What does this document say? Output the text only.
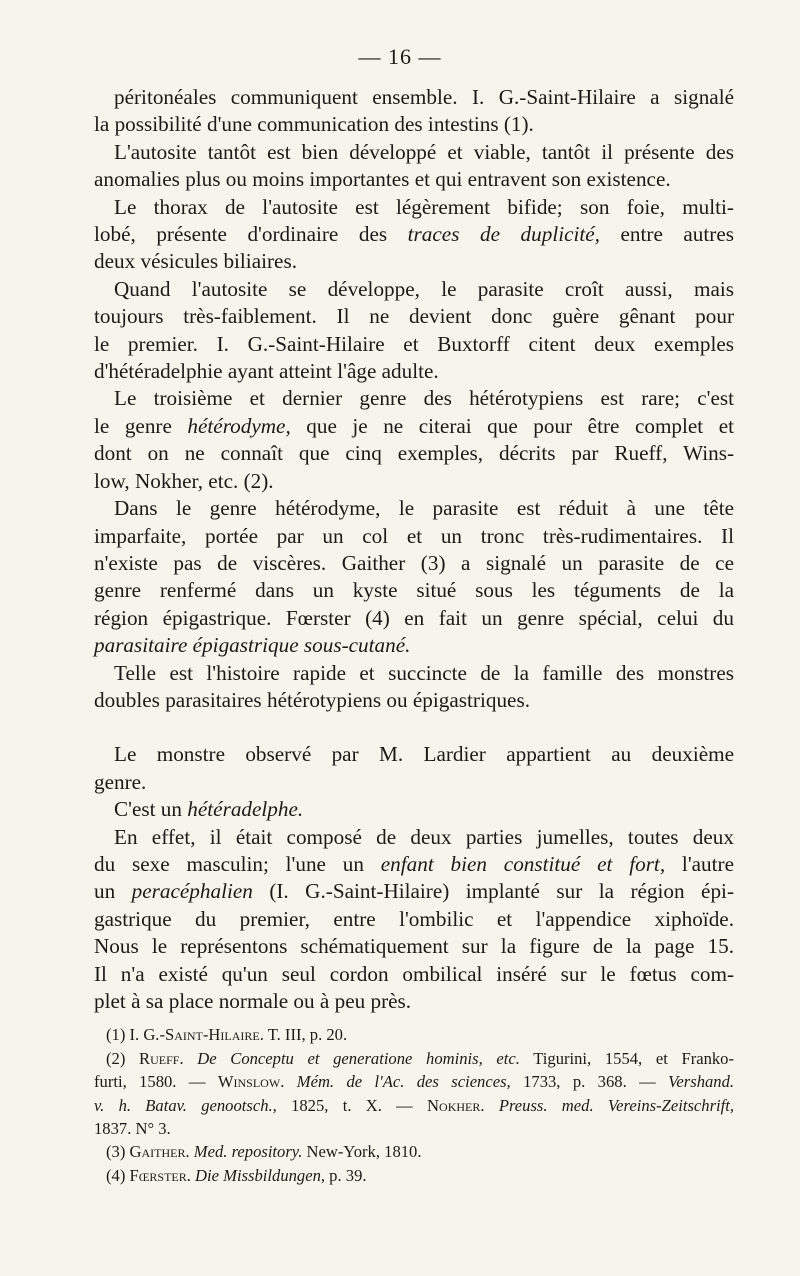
— 16 —
péritonéales communiquent ensemble. I. G.-Saint-Hilaire a signalé
la possibilité d'une communication des intestins (1).
L'autosite tantôt est bien développé et viable, tantôt il présente des
anomalies plus ou moins importantes et qui entravent son existence.
Le thorax de l'autosite est légèrement bifide; son foie, multi-
lobé, présente d'ordinaire des traces de duplicité, entre autres
deux vésicules biliaires.
Quand l'autosite se développe, le parasite croît aussi, mais
toujours très-faiblement. Il ne devient donc guère gênant pour
le premier. I. G.-Saint-Hilaire et Buxtorff citent deux exemples
d'hétéradelphie ayant atteint l'âge adulte.
Le troisième et dernier genre des hétérotypiens est rare; c'est
le genre hétérodyme, que je ne citerai que pour être complet et
dont on ne connaît que cinq exemples, décrits par Rueff, Wins-
low, Nokher, etc. (2).
Dans le genre hétérodyme, le parasite est réduit à une tête
imparfaite, portée par un col et un tronc très-rudimentaires. Il
n'existe pas de viscères. Gaither (3) a signalé un parasite de ce
genre renfermé dans un kyste situé sous les téguments de la
région épigastrique. Fœrster (4) en fait un genre spécial, celui du
parasitaire épigastrique sous-cutané.
Telle est l'histoire rapide et succincte de la famille des monstres
doubles parasitaires hétérotypiens ou épigastriques.
Le monstre observé par M. Lardier appartient au deuxième
genre.
C'est un hétéradelphe.
En effet, il était composé de deux parties jumelles, toutes deux
du sexe masculin; l'une un enfant bien constitué et fort, l'autre
un peracéphalien (I. G.-Saint-Hilaire) implanté sur la région épi-
gastrique du premier, entre l'ombilic et l'appendice xiphoïde.
Nous le représentons schématiquement sur la figure de la page 15.
Il n'a existé qu'un seul cordon ombilical inséré sur le fœtus com-
plet à sa place normale ou à peu près.
(1) I. G.-Saint-Hilaire. T. III, p. 20.
(2) Rueff. De Conceptu et generatione hominis, etc. Tigurini, 1554, et Franko-
furti, 1580. — Winslow. Mém. de l'Ac. des sciences, 1733, p. 368. — Vershand.
v. h. Batav. genootsch., 1825, t. X. — Nokher. Preuss. med. Vereins-Zeitschrift,
1837. N° 3.
(3) Gaither. Med. repository. New-York, 1810.
(4) Fœrster. Die Missbildungen, p. 39.
